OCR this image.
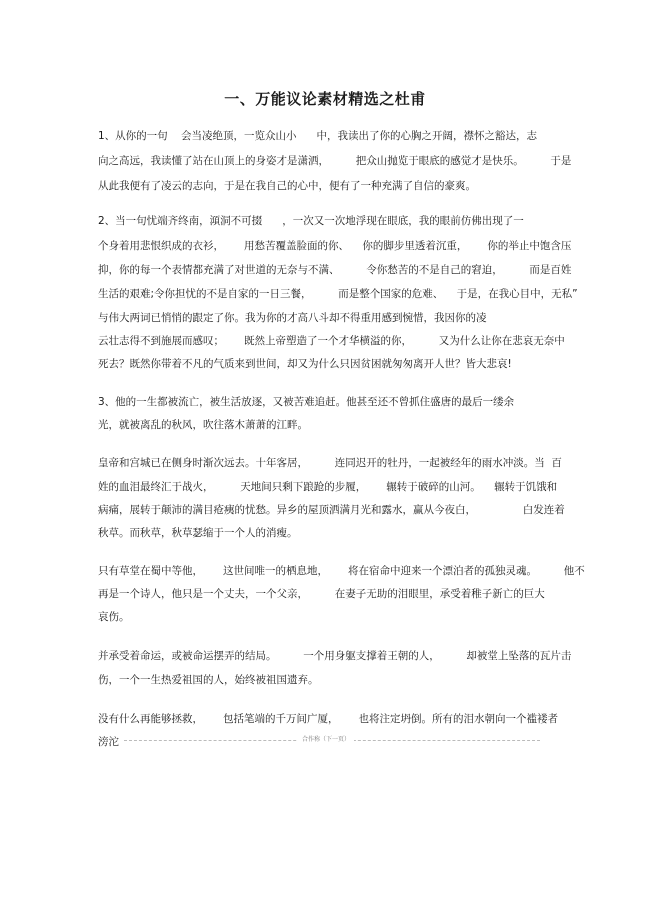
一、万能议论素材精选之杜甫
1、从你的一句    会当凌绝顶，一览众山小      中，我读出了你的心胸之开阔，襟怀之豁达，志
向之高远，我读懂了站在山顶上的身姿才是潇洒，        把众山抛览于眼底的感觉才是快乐。        于是
从此我便有了凌云的志向，于是在我自己的心中，便有了一种充满了自信的豪爽。
2、当一句忧端齐终南，澒洞不可掇      ，一次又一次地浮现在眼底，我的眼前仿佛出现了一
个身着用悲恨织成的衣衫，      用愁苦覆盖脸面的你、    你的脚步里透着沉重，      你的举止中饱含压
抑，你的每一个表情都充满了对世道的无奈与不满、        令你愁苦的不是自己的窘迫，        而是百姓
生活的艰难;令你担忧的不是自家的一日三餐，        而是整个国家的危难、    于是，在我心目中，无私”
与伟大两词已悄悄的跟定了你。我为你的才高八斗却不得重用感到惋惜，我因你的凌
云壮志得不到施展而感叹；      既然上帝塑造了一个才华横溢的你，        又为什么让你在悲哀无奈中
死去？既然你带着不凡的气质来到世间，却又为什么只因贫困就匆匆离开人世？皆大悲哀!
3、他的一生都被流亡，被生活放逐，又被苦难追赶。他甚至还不曾抓住盛唐的最后一缕余
光，就被离乱的秋风，吹往落木萧萧的江畔。
皇帝和宫城已在侧身时渐次远去。十年客居，        连同迟开的牡丹，一起被经年的雨水冲淡。当  百
姓的血泪最终汇于战火，        天地间只剩下踉跄的步履，      辗转于破碎的山河。    辗转于饥饿和
病痛，展转于颠沛的满目疮痍的忧愁。异乡的屋顶洒满月光和露水，赢从今夜白，              白发连着
秋草。而秋草，秋草瑟缩于一个人的消瘦。
只有草堂在蜀中等他，      这世间唯一的栖息地，      将在宿命中迎来一个漂泊者的孤独灵魂。        他不
再是一个诗人，他只是一个丈夫，一个父亲，        在妻子无助的泪眼里，承受着稚子新亡的巨大
哀伤。
并承受着命运，或被命运摆弄的结局。        一个用身躯支撑着王朝的人，        却被堂上坠落的瓦片击
伤，一个一生热爱祖国的人，始终被祖国遗弃。
没有什么再能够拯救，      包括笔端的千万间广厦，      也将注定坍倒。所有的泪水朝向一个褴褛者
滂沱	合作称（下一页）
